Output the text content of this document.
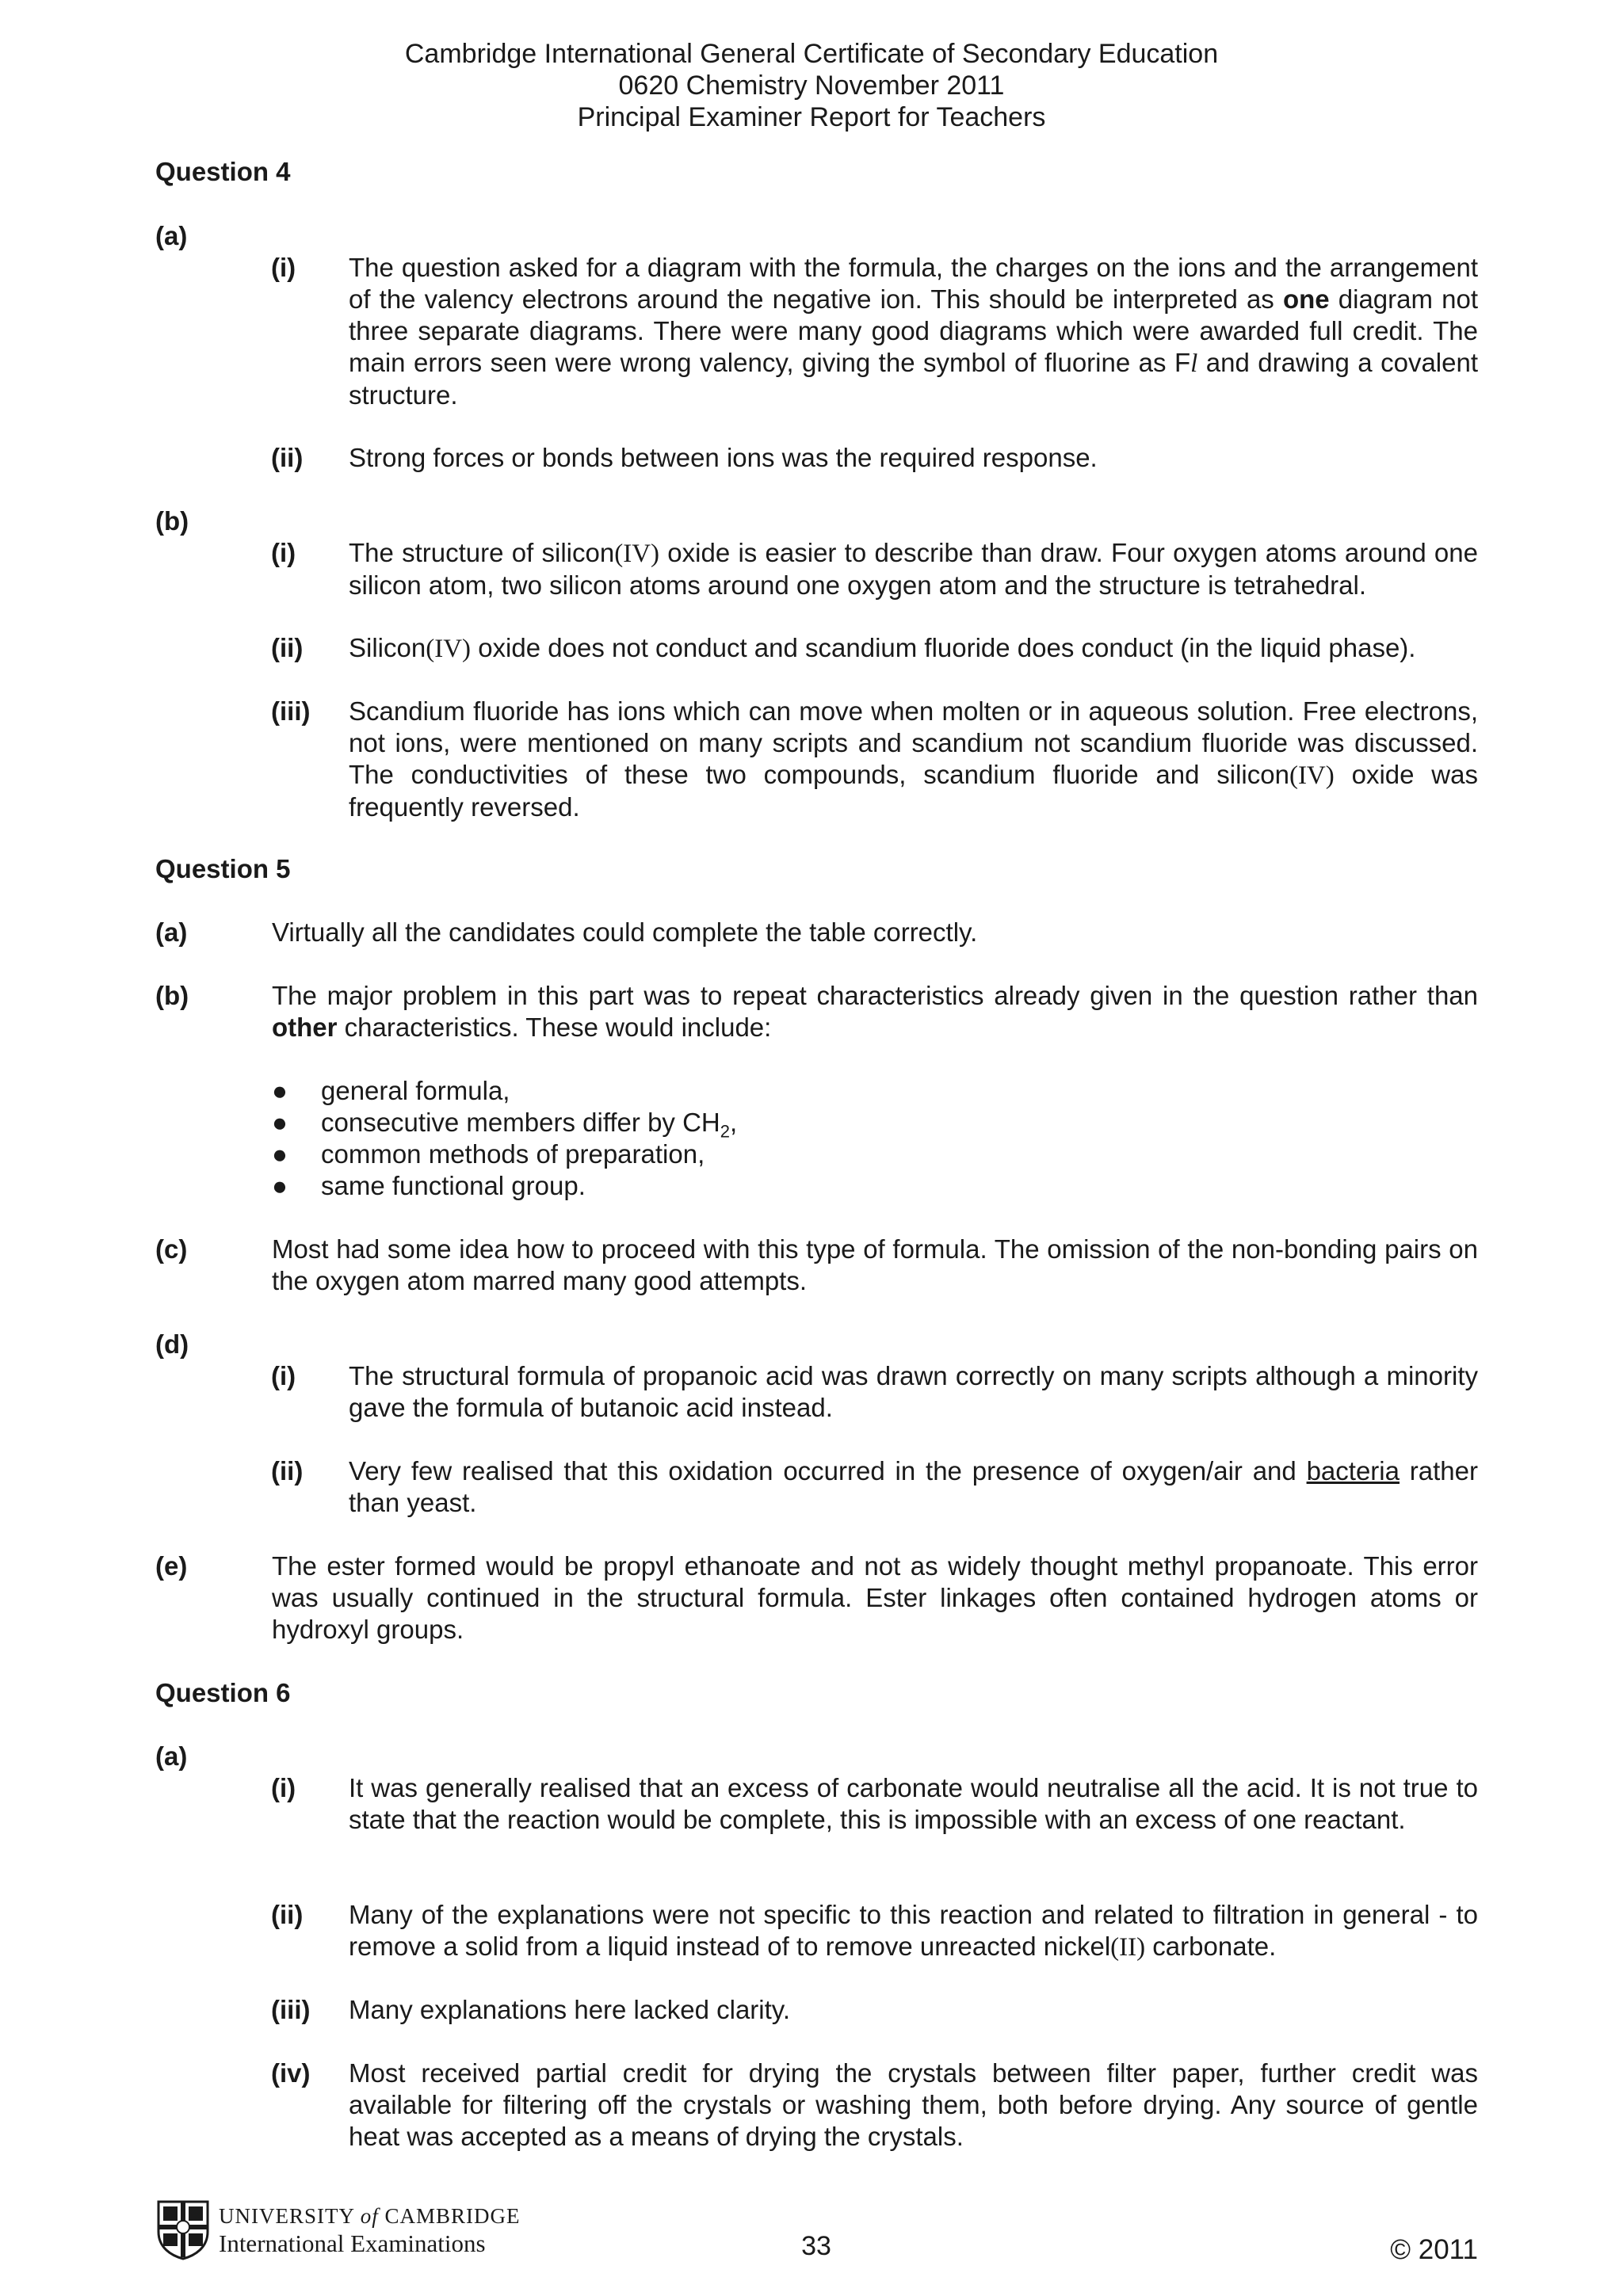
Cambridge International General Certificate of Secondary Education
0620 Chemistry November 2011
Principal Examiner Report for Teachers
Question 4
(a)
(i) The question asked for a diagram with the formula, the charges on the ions and the arrangement of the valency electrons around the negative ion. This should be interpreted as one diagram not three separate diagrams. There were many good diagrams which were awarded full credit. The main errors seen were wrong valency, giving the symbol of fluorine as Fl and drawing a covalent structure.
(ii) Strong forces or bonds between ions was the required response.
(b)
(i) The structure of silicon(IV) oxide is easier to describe than draw. Four oxygen atoms around one silicon atom, two silicon atoms around one oxygen atom and the structure is tetrahedral.
(ii) Silicon(IV) oxide does not conduct and scandium fluoride does conduct (in the liquid phase).
(iii) Scandium fluoride has ions which can move when molten or in aqueous solution. Free electrons, not ions, were mentioned on many scripts and scandium not scandium fluoride was discussed. The conductivities of these two compounds, scandium fluoride and silicon(IV) oxide was frequently reversed.
Question 5
(a)	Virtually all the candidates could complete the table correctly.
(b)	The major problem in this part was to repeat characteristics already given in the question rather than other characteristics. These would include:
● general formula,
● consecutive members differ by $CH_2$,
● common methods of preparation,
● same functional group.
(c)	Most had some idea how to proceed with this type of formula. The omission of the non-bonding pairs on the oxygen atom marred many good attempts.
(d)
(i) The structural formula of propanoic acid was drawn correctly on many scripts although a minority gave the formula of butanoic acid instead.
(ii) Very few realised that this oxidation occurred in the presence of oxygen/air and bacteria rather than yeast.
(e)	The ester formed would be propyl ethanoate and not as widely thought methyl propanoate. This error was usually continued in the structural formula. Ester linkages often contained hydrogen atoms or hydroxyl groups.
Question 6
(a)
(i) It was generally realised that an excess of carbonate would neutralise all the acid. It is not true to state that the reaction would be complete, this is impossible with an excess of one reactant.
(ii) Many of the explanations were not specific to this reaction and related to filtration in general - to remove a solid from a liquid instead of to remove unreacted nickel(II) carbonate.
(iii) Many explanations here lacked clarity.
(iv) Most received partial credit for drying the crystals between filter paper, further credit was available for filtering off the crystals or washing them, both before drying. Any source of gentle heat was accepted as a means of drying the crystals.
UNIVERSITY of CAMBRIDGE
International Examinations	33	© 2011
